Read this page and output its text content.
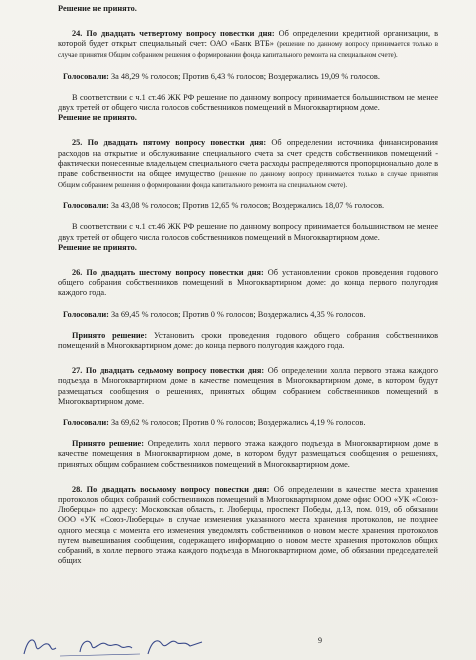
Решение не принято.

24. По двадцать четвертому вопросу повестки дня: Об определении кредитной организации, в которой будет открыт специальный счет: ОАО «Банк ВТБ» (решение по данному вопросу принимается только в случае принятия Общим собранием решения о формировании фонда капитального ремонта на специальном счете).

Голосовали: За 48,29 % голосов; Против 6,43 % голосов; Воздержались 19,09 % голосов.

В соответствии с ч.1 ст.46 ЖК РФ решение по данному вопросу принимается большинством не менее двух третей от общего числа голосов собственников помещений в Многоквартирном доме.

Решение не принято.

25. По двадцать пятому вопросу повестки дня: Об определении источника финансирования расходов на открытие и обслуживание специального счета за счет средств собственников помещений - фактически понесенные владельцем специального счета расходы распределяются пропорционально доле в праве собственности на общее имущество (решение по данному вопросу принимается только в случае принятия Общим собранием решения о формировании фонда капитального ремонта на специальном счете).

Голосовали: За 43,08 % голосов; Против 12,65 % голосов; Воздержались 18,07 % голосов.

В соответствии с ч.1 ст.46 ЖК РФ решение по данному вопросу принимается большинством не менее двух третей от общего числа голосов собственников помещений в Многоквартирном доме.

Решение не принято.

26. По двадцать шестому вопросу повестки дня: Об установлении сроков проведения годового общего собрания собственников помещений в Многоквартирном доме: до конца первого полугодия каждого года.

Голосовали: За 69,45 % голосов; Против 0 % голосов; Воздержались 4,35 % голосов.

Принято решение: Установить сроки проведения годового общего собрания собственников помещений в Многоквартирном доме: до конца первого полугодия каждого года.

27. По двадцать седьмому вопросу повестки дня: Об определении холла первого этажа каждого подъезда в Многоквартирном доме в качестве помещения в Многоквартирном доме, в котором будут размещаться сообщения о решениях, принятых общим собранием собственников помещений в Многоквартирном доме.

Голосовали: За 69,62 % голосов; Против 0 % голосов; Воздержались 4,19 % голосов.

Принято решение: Определить холл первого этажа каждого подъезда в Многоквартирном доме в качестве помещения в Многоквартирном доме, в котором будут размещаться сообщения о решениях, принятых общим собранием собственников помещений в Многоквартирном доме.

28. По двадцать восьмому вопросу повестки дня: Об определении в качестве места хранения протоколов общих собраний собственников помещений в Многоквартирном доме офис ООО «УК «Союз-Люберцы» по адресу: Московская область, г. Люберцы, проспект Победы, д.13, пом. 019, об обязании ООО «УК «Союз-Люберцы» в случае изменения указанного места хранения протоколов, не позднее одного месяца с момента его изменения уведомлять собственников о новом месте хранения протоколов путем вывешивания сообщения, содержащего информацию о новом месте хранения протоколов общих собраний, в холле первого этажа каждого подъезда в Многоквартирном доме, об обязании председателей общих

9
